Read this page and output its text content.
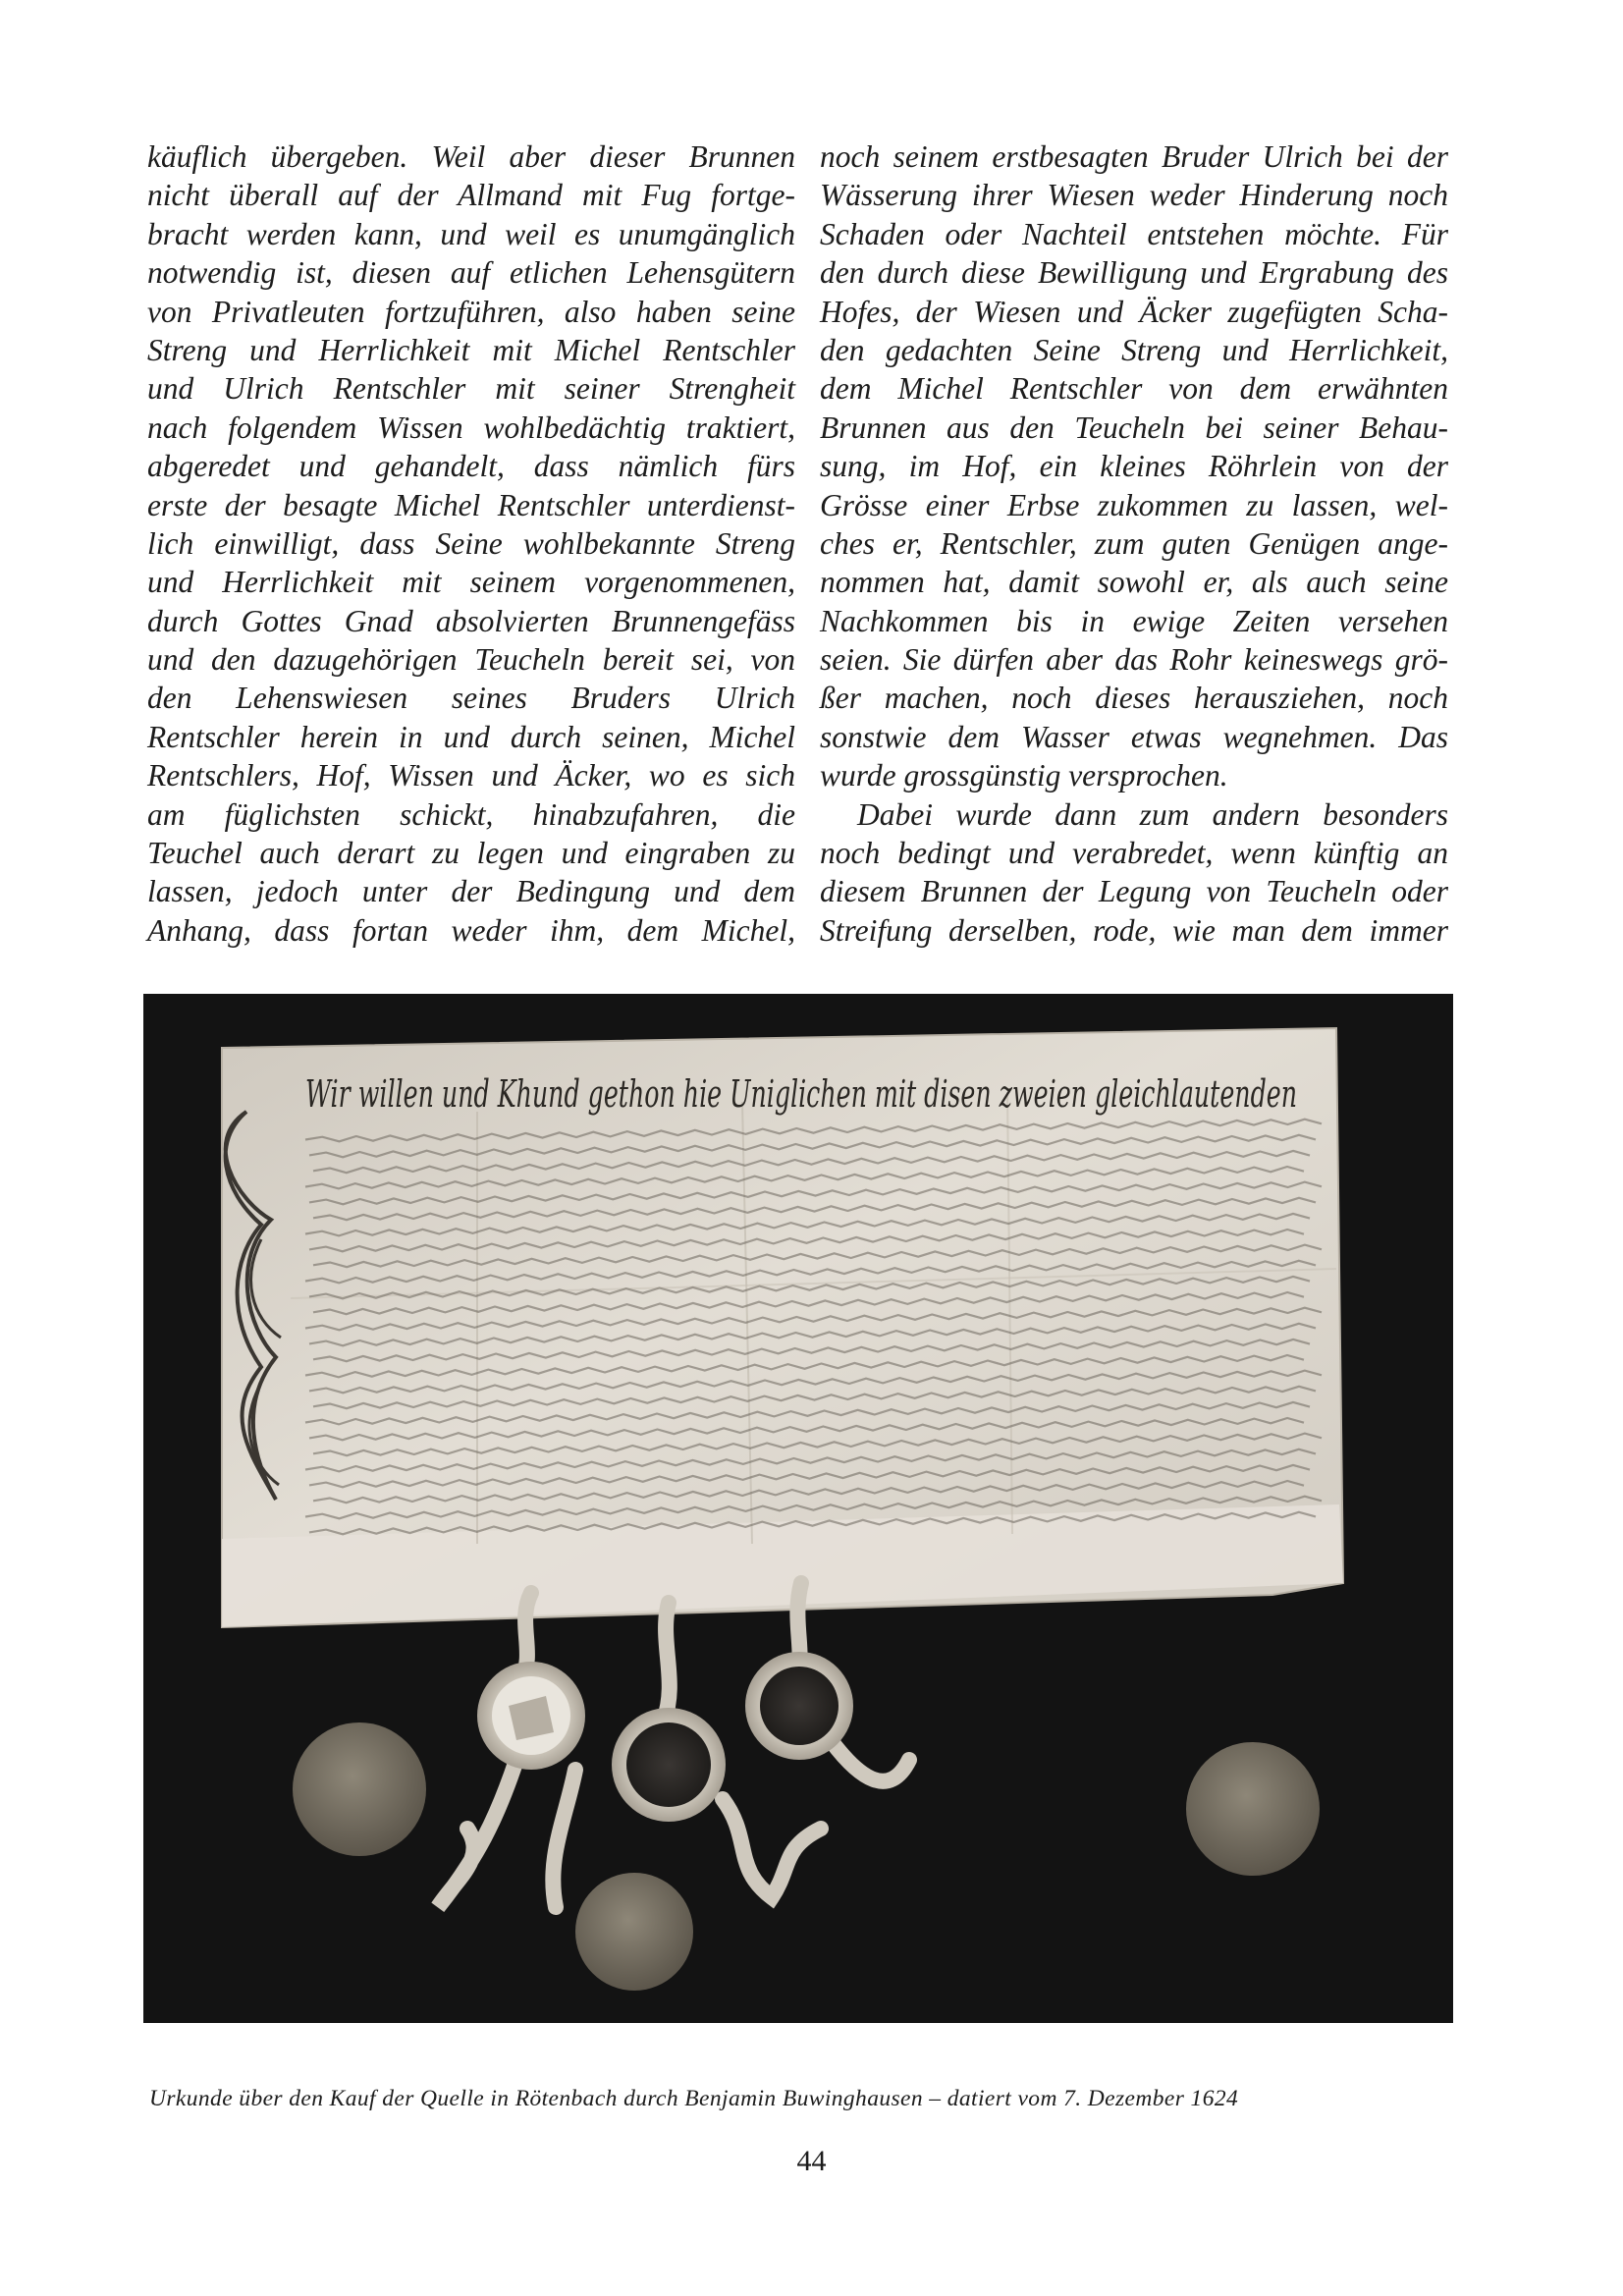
käuflich übergeben. Weil aber dieser Brunnen
nicht überall auf der Allmand mit Fug fortge-
bracht werden kann, und weil es unumgänglich
notwendig ist, diesen auf etlichen Lehensgütern
von Privatleuten fortzuführen, also haben seine
Streng und Herrlichkeit mit Michel Rentschler
und Ulrich Rentschler mit seiner Strengheit
nach folgendem Wissen wohlbedächtig traktiert,
abgeredet und gehandelt, dass nämlich fürs
erste der besagte Michel Rentschler unterdienst-
lich einwilligt, dass Seine wohlbekannte Streng
und Herrlichkeit mit seinem vorgenommenen,
durch Gottes Gnad absolvierten Brunnengefäss
und den dazugehörigen Teucheln bereit sei, von
den Lehenswiesen seines Bruders Ulrich
Rentschler herein in und durch seinen, Michel
Rentschlers, Hof, Wissen und Äcker, wo es sich
am füglichsten schickt, hinabzufahren, die
Teuchel auch derart zu legen und eingraben zu
lassen, jedoch unter der Bedingung und dem
Anhang, dass fortan weder ihm, dem Michel,
noch seinem erstbesagten Bruder Ulrich bei der
Wässerung ihrer Wiesen weder Hinderung noch
Schaden oder Nachteil entstehen möchte. Für
den durch diese Bewilligung und Ergrabung des
Hofes, der Wiesen und Äcker zugefügten Scha-
den gedachten Seine Streng und Herrlichkeit,
dem Michel Rentschler von dem erwähnten
Brunnen aus den Teucheln bei seiner Behau-
sung, im Hof, ein kleines Röhrlein von der
Grösse einer Erbse zukommen zu lassen, wel-
ches er, Rentschler, zum guten Genügen ange-
nommen hat, damit sowohl er, als auch seine
Nachkommen bis in ewige Zeiten versehen
seien. Sie dürfen aber das Rohr keineswegs grö-
ßer machen, noch dieses herausziehen, noch
sonstwie dem Wasser etwas wegnehmen. Das
wurde grossgünstig versprochen.
Dabei wurde dann zum andern besonders
noch bedingt und verabredet, wenn künftig an
diesem Brunnen der Legung von Teucheln oder
Streifung derselben, rode, wie man dem immer
Wir willen und Khund gethon hie Uniglichen mit disen zweien gleichlautenden
Urkunde über den Kauf der Quelle in Rötenbach durch Benjamin Buwinghausen – datiert vom 7. Dezember 1624
44
